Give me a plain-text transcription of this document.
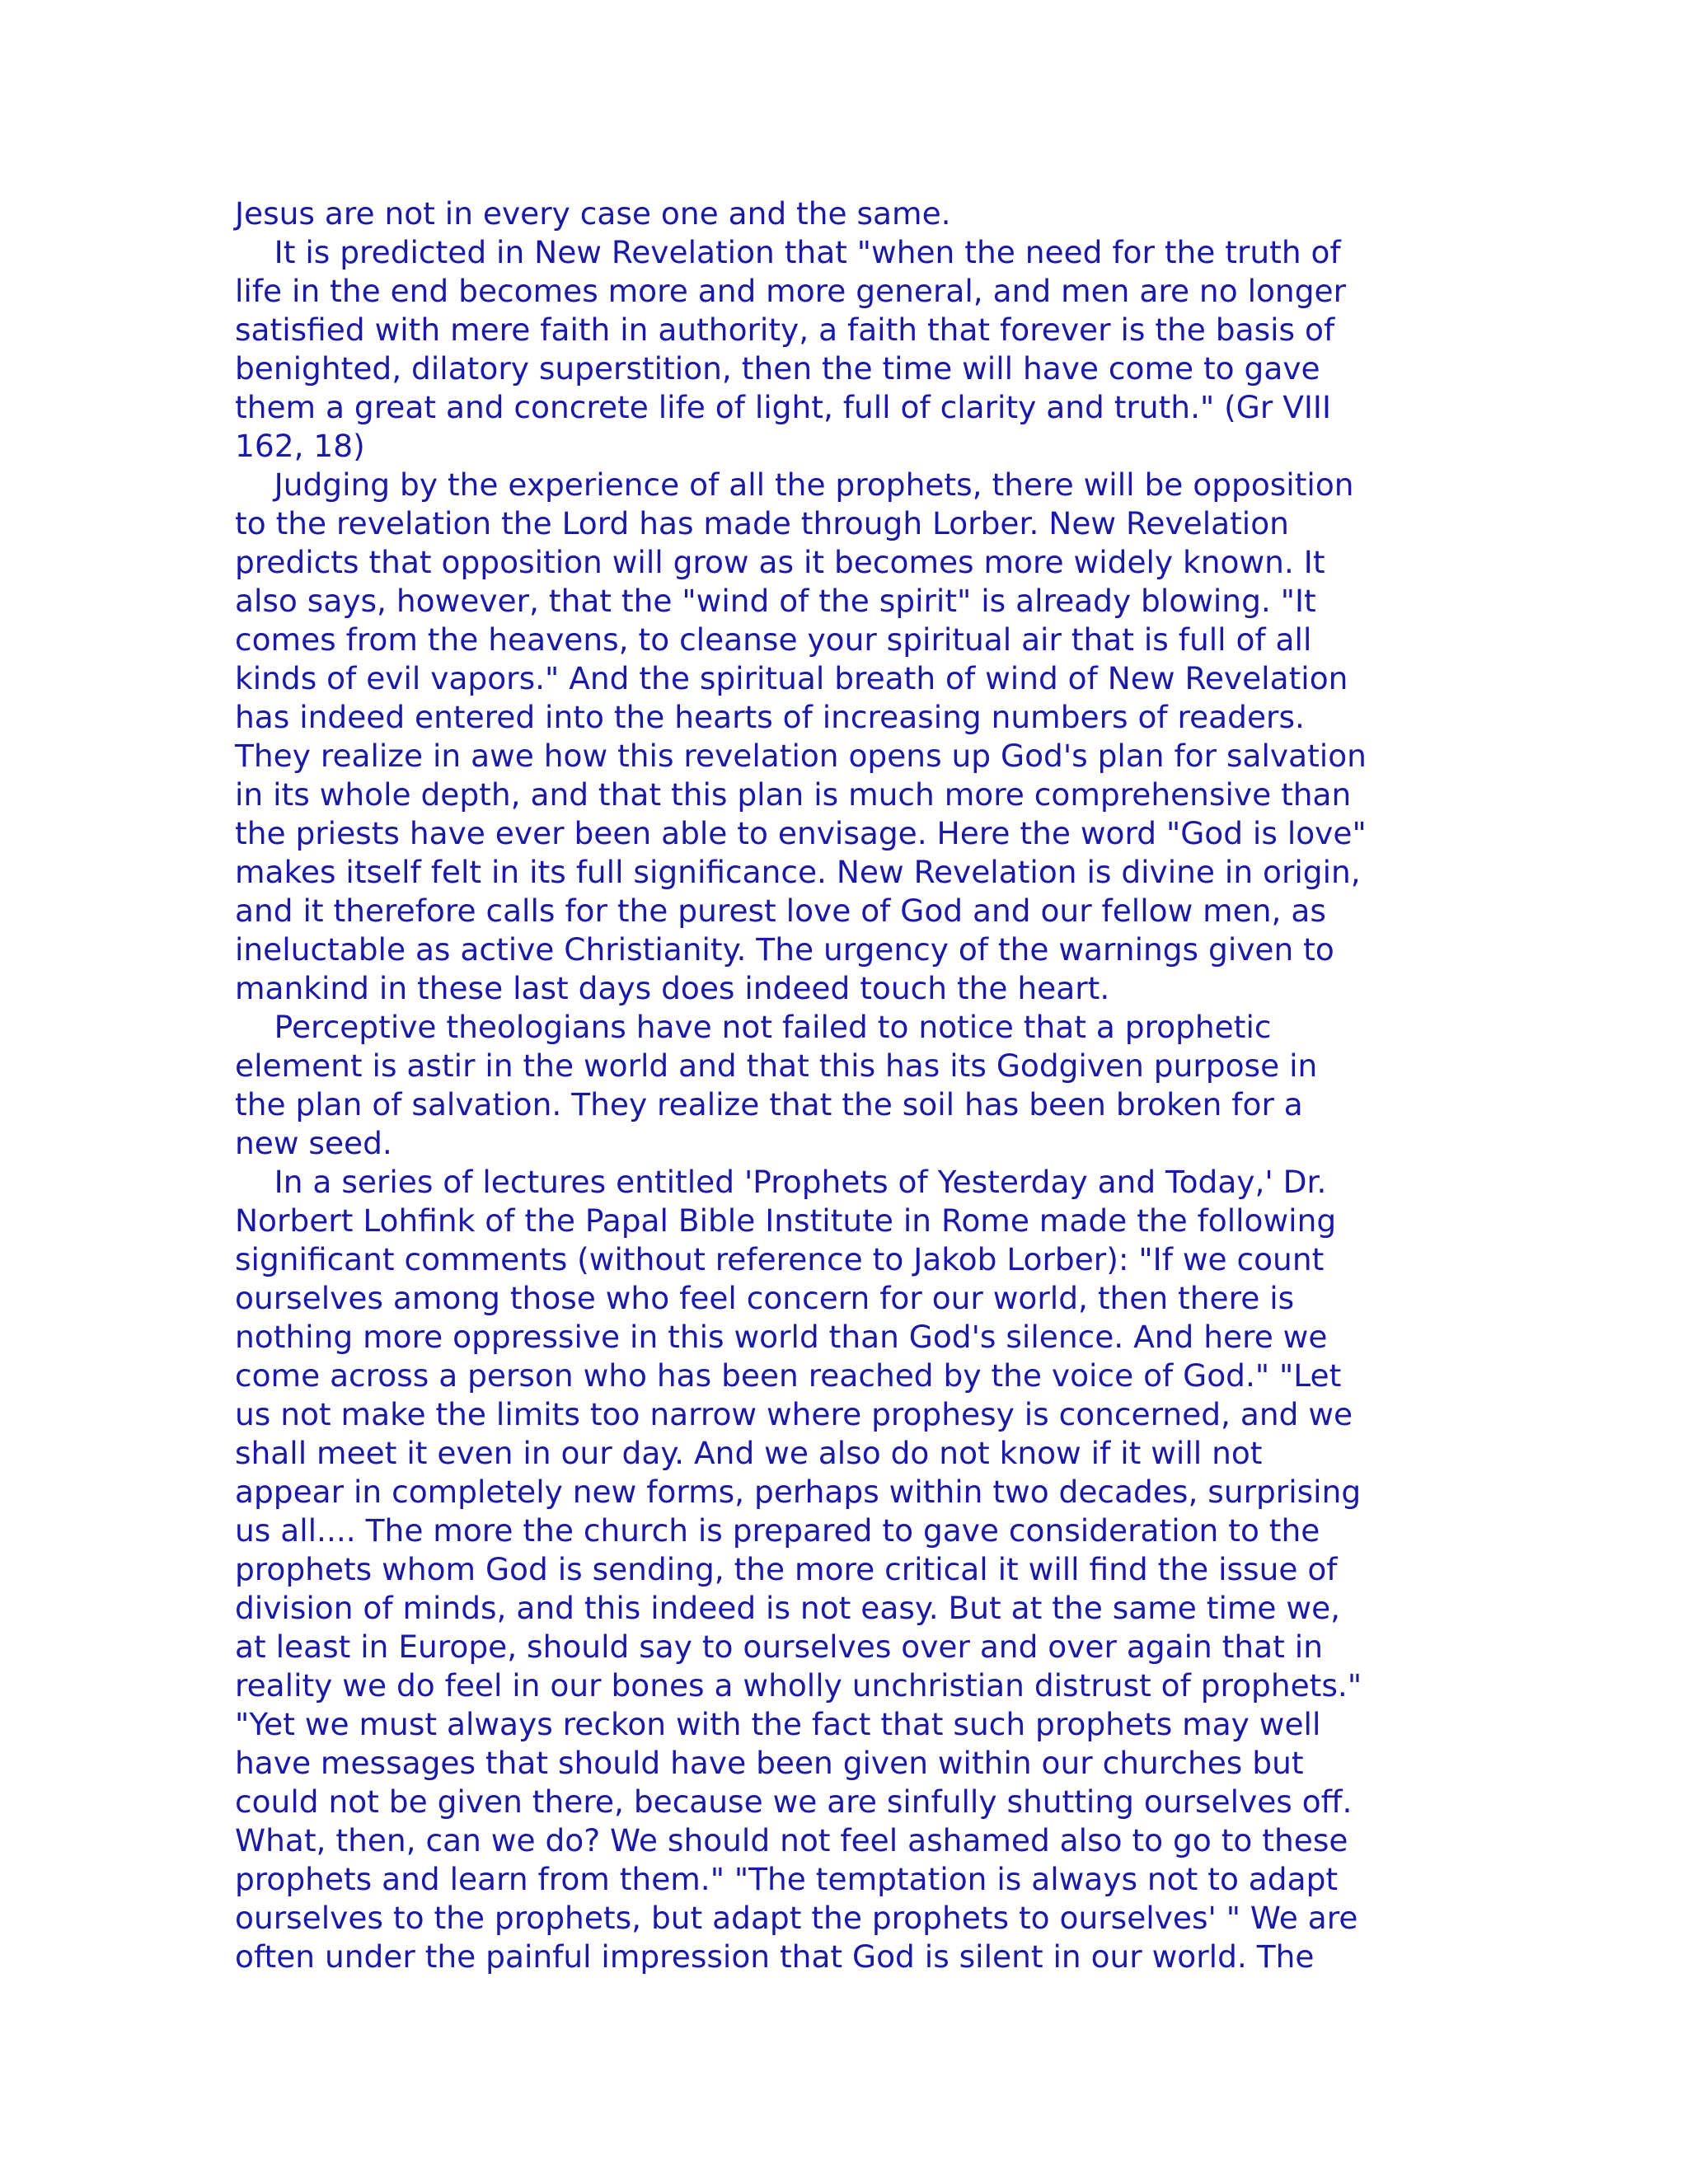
Jesus are not in every case one and the same.
It is predicted in New Revelation that "when the need for the truth of
life in the end becomes more and more general, and men are no longer
satisfied with mere faith in authority, a faith that forever is the basis of
benighted, dilatory superstition, then the time will have come to gave
them a great and concrete life of light, full of clarity and truth." (Gr VIII
162, 18)
Judging by the experience of all the prophets, there will be opposition
to the revelation the Lord has made through Lorber. New Revelation
predicts that opposition will grow as it becomes more widely known. It
also says, however, that the "wind of the spirit" is already blowing. "It
comes from the heavens, to cleanse your spiritual air that is full of all
kinds of evil vapors." And the spiritual breath of wind of New Revelation
has indeed entered into the hearts of increasing numbers of readers.
They realize in awe how this revelation opens up God's plan for salvation
in its whole depth, and that this plan is much more comprehensive than
the priests have ever been able to envisage. Here the word "God is love"
makes itself felt in its full significance. New Revelation is divine in origin,
and it therefore calls for the purest love of God and our fellow men, as
ineluctable as active Christianity. The urgency of the warnings given to
mankind in these last days does indeed touch the heart.
Perceptive theologians have not failed to notice that a prophetic
element is astir in the world and that this has its Godgiven purpose in
the plan of salvation. They realize that the soil has been broken for a
new seed.
In a series of lectures entitled 'Prophets of Yesterday and Today,' Dr.
Norbert Lohfink of the Papal Bible Institute in Rome made the following
significant comments (without reference to Jakob Lorber): "If we count
ourselves among those who feel concern for our world, then there is
nothing more oppressive in this world than God's silence. And here we
come across a person who has been reached by the voice of God." "Let
us not make the limits too narrow where prophesy is concerned, and we
shall meet it even in our day. And we also do not know if it will not
appear in completely new forms, perhaps within two decades, surprising
us all.... The more the church is prepared to gave consideration to the
prophets whom God is sending, the more critical it will find the issue of
division of minds, and this indeed is not easy. But at the same time we,
at least in Europe, should say to ourselves over and over again that in
reality we do feel in our bones a wholly unchristian distrust of prophets."
"Yet we must always reckon with the fact that such prophets may well
have messages that should have been given within our churches but
could not be given there, because we are sinfully shutting ourselves off.
What, then, can we do? We should not feel ashamed also to go to these
prophets and learn from them." "The temptation is always not to adapt
ourselves to the prophets, but adapt the prophets to ourselves' " We are
often under the painful impression that God is silent in our world. The
